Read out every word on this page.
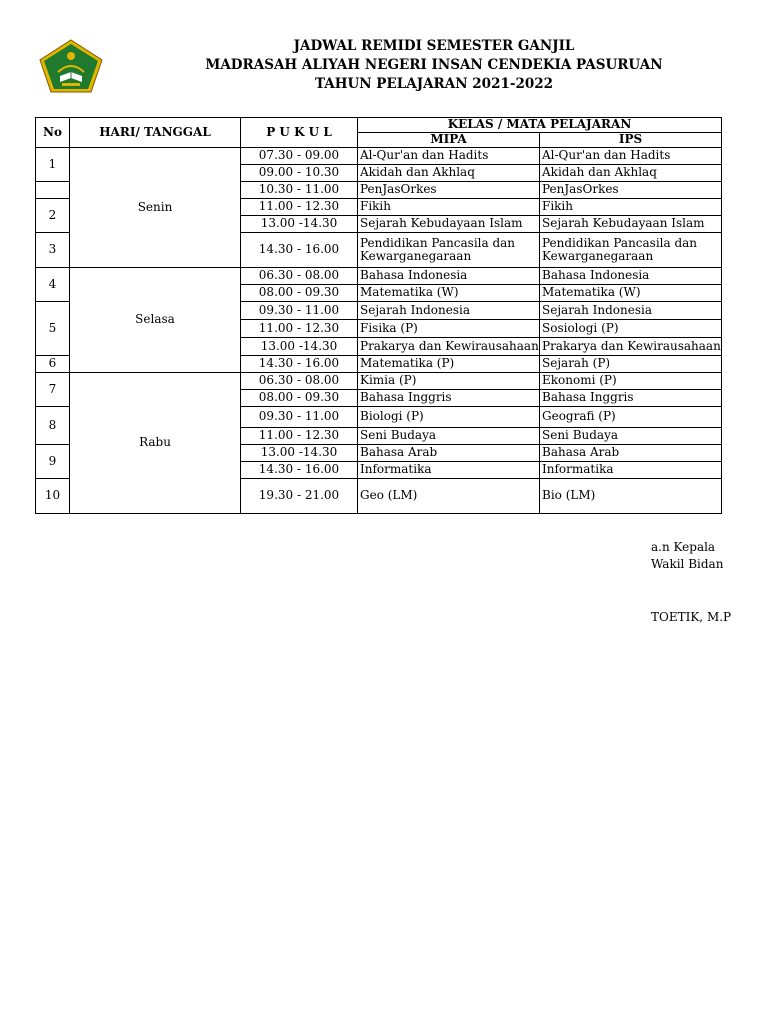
JADWAL REMIDI SEMESTER GANJIL
MADRASAH ALIYAH NEGERI INSAN CENDEKIA PASURUAN
TAHUN PELAJARAN 2021-2022
No	HARI/ TANGGAL	P U K U L	KELAS / MATA PELAJARAN	
			MIPA	IPS
1	Senin	07.30 - 09.00	Al-Qur'an dan Hadits	Al-Qur'an dan Hadits
		09.00 - 10.30	Akidah dan Akhlaq	Akidah dan Akhlaq
		10.30 - 11.00	PenJasOrkes	PenJasOrkes
2		11.00 - 12.30	Fikih	Fikih
		13.00 -14.30	Sejarah Kebudayaan Islam	Sejarah Kebudayaan Islam
3		14.30 - 16.00	Pendidikan Pancasila dan Kewarganegaraan	Pendidikan Pancasila dan Kewarganegaraan
4	Selasa	06.30 - 08.00	Bahasa Indonesia	Bahasa Indonesia
		08.00 - 09.30	Matematika (W)	Matematika (W)
5		09.30 - 11.00	Sejarah Indonesia	Sejarah Indonesia
		11.00 - 12.30	Fisika (P)	Sosiologi (P)
		13.00 -14.30	Prakarya dan Kewirausahaan	Prakarya dan Kewirausahaan
6		14.30 - 16.00	Matematika (P)	Sejarah (P)
7	Rabu	06.30 - 08.00	Kimia (P)	Ekonomi (P)
		08.00 - 09.30	Bahasa Inggris	Bahasa Inggris
8		09.30 - 11.00	Biologi (P)	Geografi (P)
		11.00 - 12.30	Seni Budaya	Seni Budaya
9		13.00 -14.30	Bahasa Arab	Bahasa Arab
		14.30 - 16.00	Informatika	Informatika
10		19.30 - 21.00	Geo (LM)	Bio (LM)
a.n Kepala
Wakil Bidan
TOETIK, M.P
